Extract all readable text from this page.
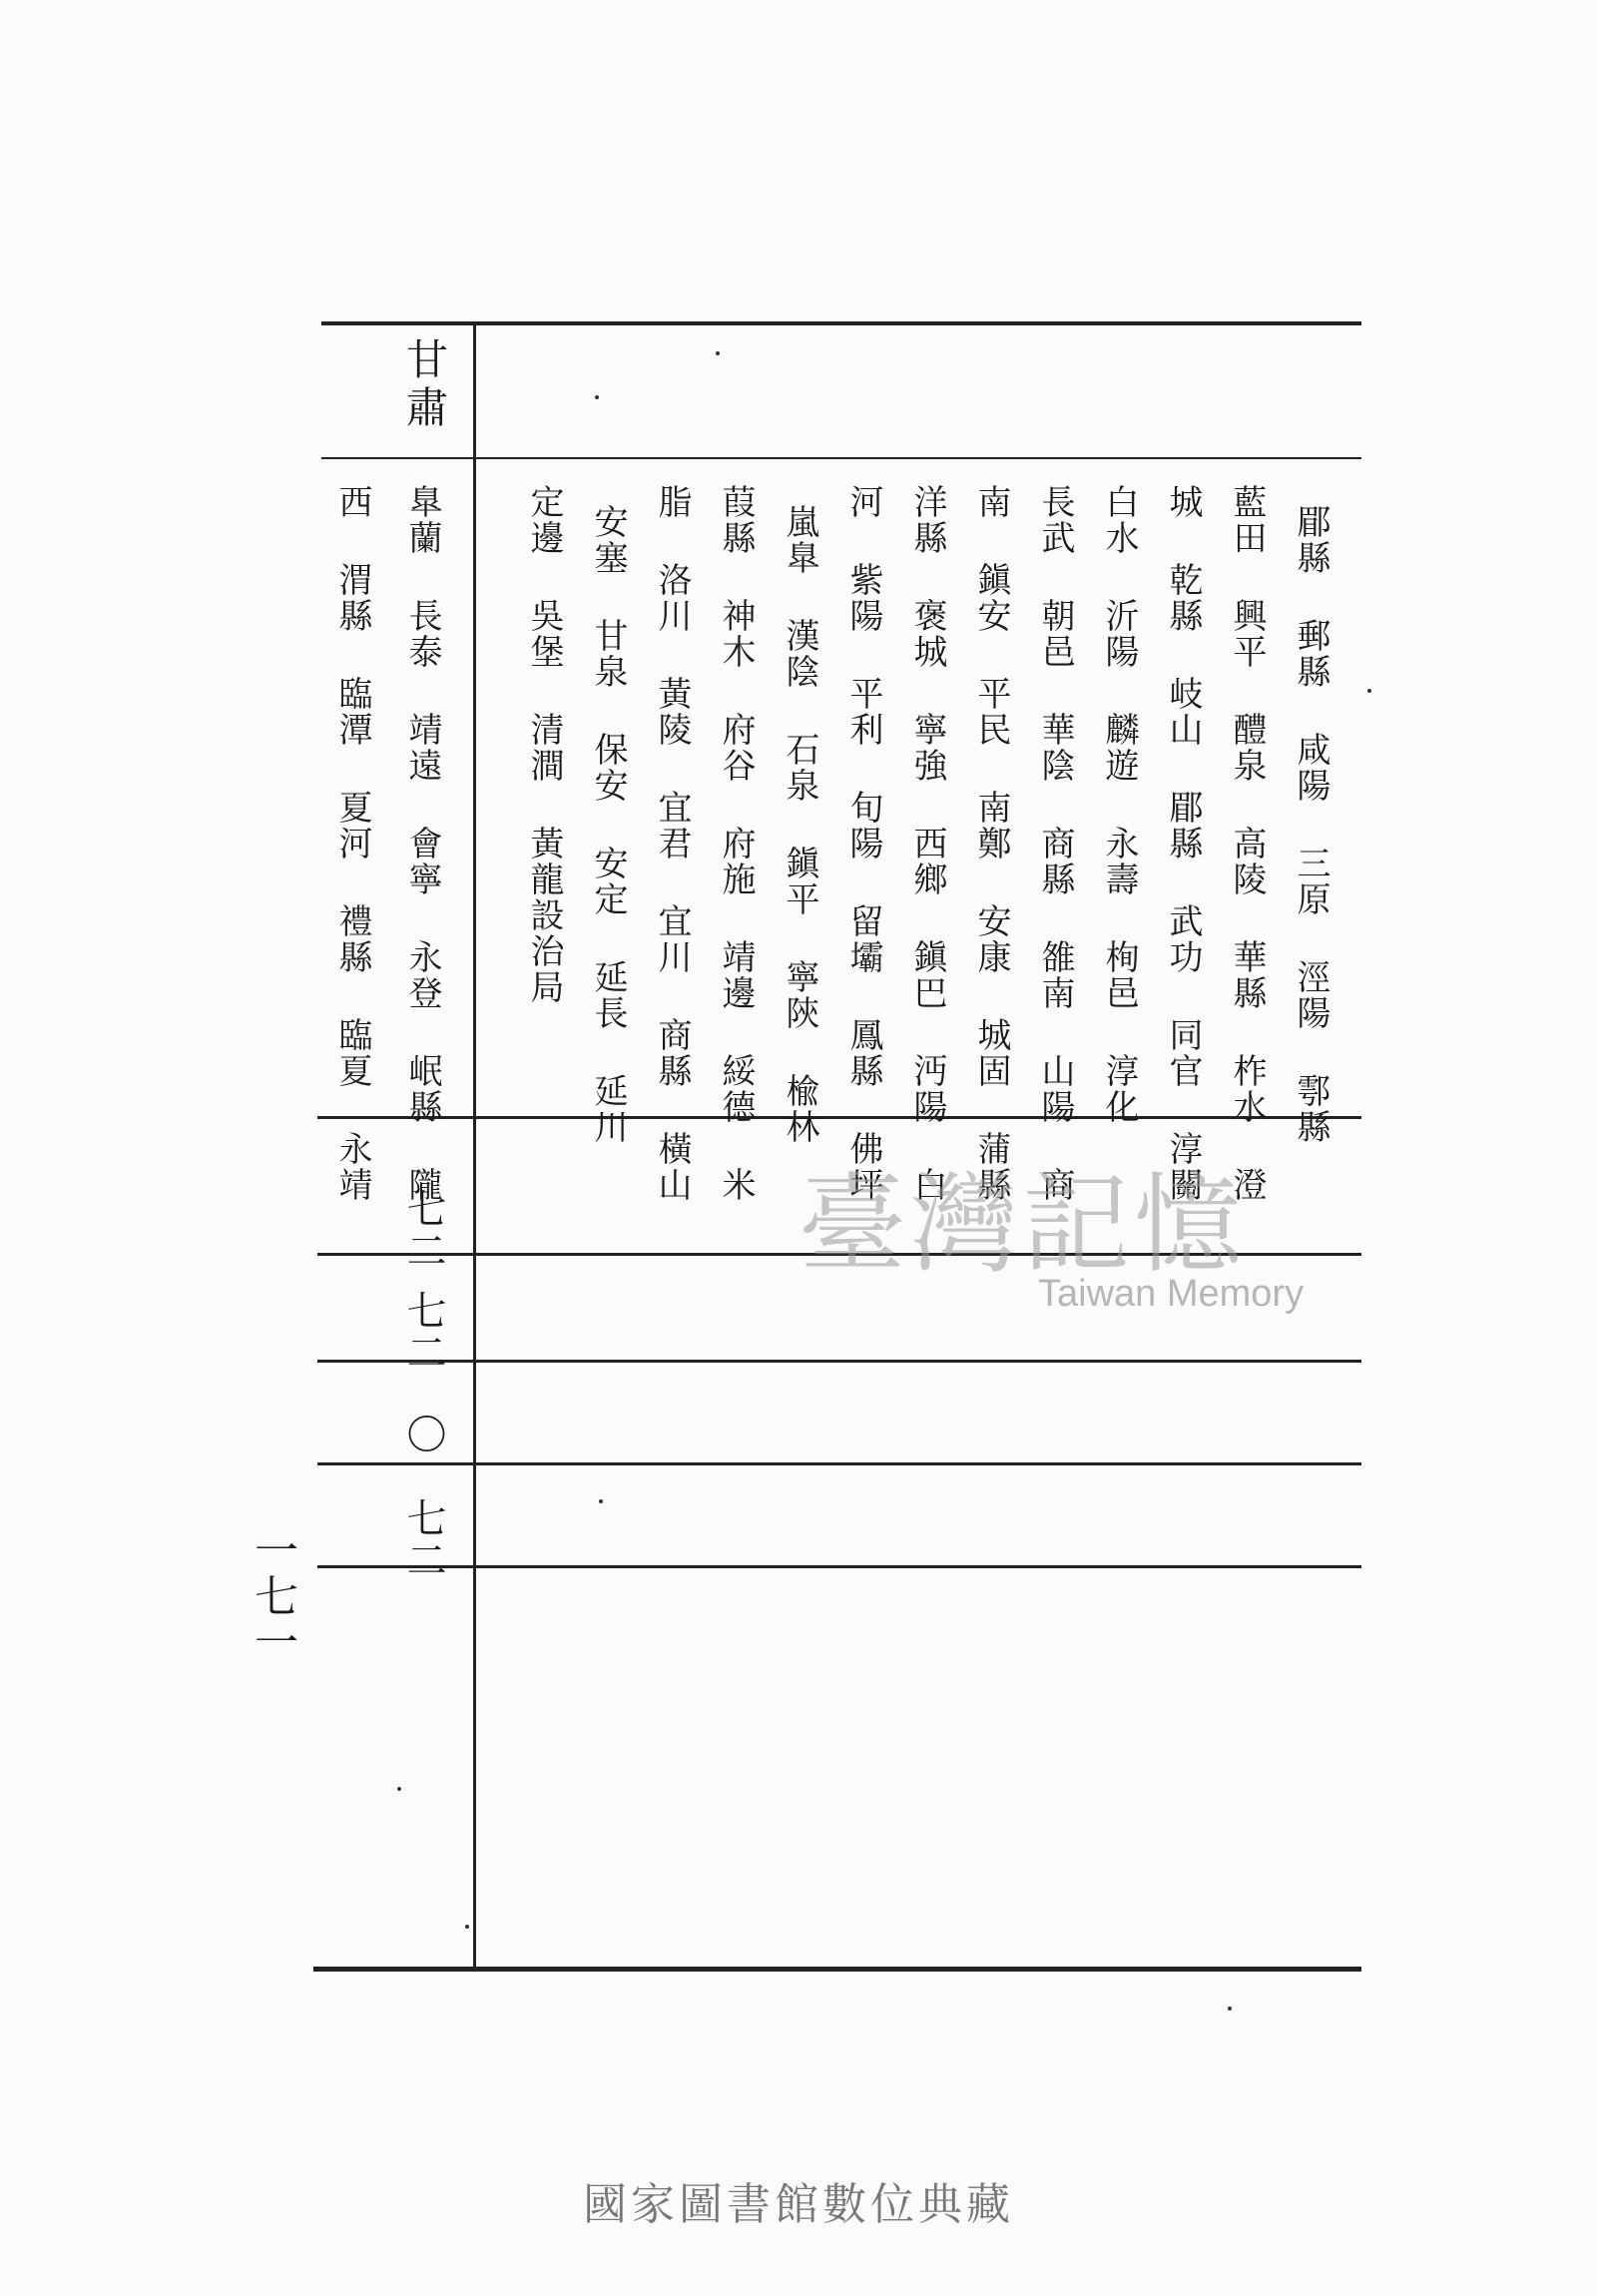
甘肅
郿縣 郵縣 咸陽 三原 涇陽 鄠縣
藍田 興平 醴泉 高陵 華縣 柞水 澄
城 乾縣 岐山 郿縣 武功 同官 淳關
白水 沂陽 麟遊 永壽 栒邑 淳化
長武 朝邑 華陰 商縣 雒南 山陽 商
南 鎭安 平民 南鄭 安康 城固 蒲縣
洋縣 褒城 寧強 西鄉 鎭巴 沔陽 白
河 紫陽 平利 旬陽 留壩 鳳縣 佛坪
嵐臯 漢陰 石泉 鎭平 寧陝 楡林
葭縣 神木 府谷 府施 靖邊 綏德 米
脂 洛川 黃陵 宜君 宜川 商縣 橫山
安塞 甘泉 保安 安定 延長 延川
定邊 吳堡 清澗 黃龍設治局
臯蘭 長泰 靖遠 會寧 永登 岷縣 隴
西 渭縣 臨潭 夏河 禮縣 臨夏 永靖
七二
七二
〇
七二
一七一
臺灣記憶
Taiwan Memory
國家圖書館數位典藏
